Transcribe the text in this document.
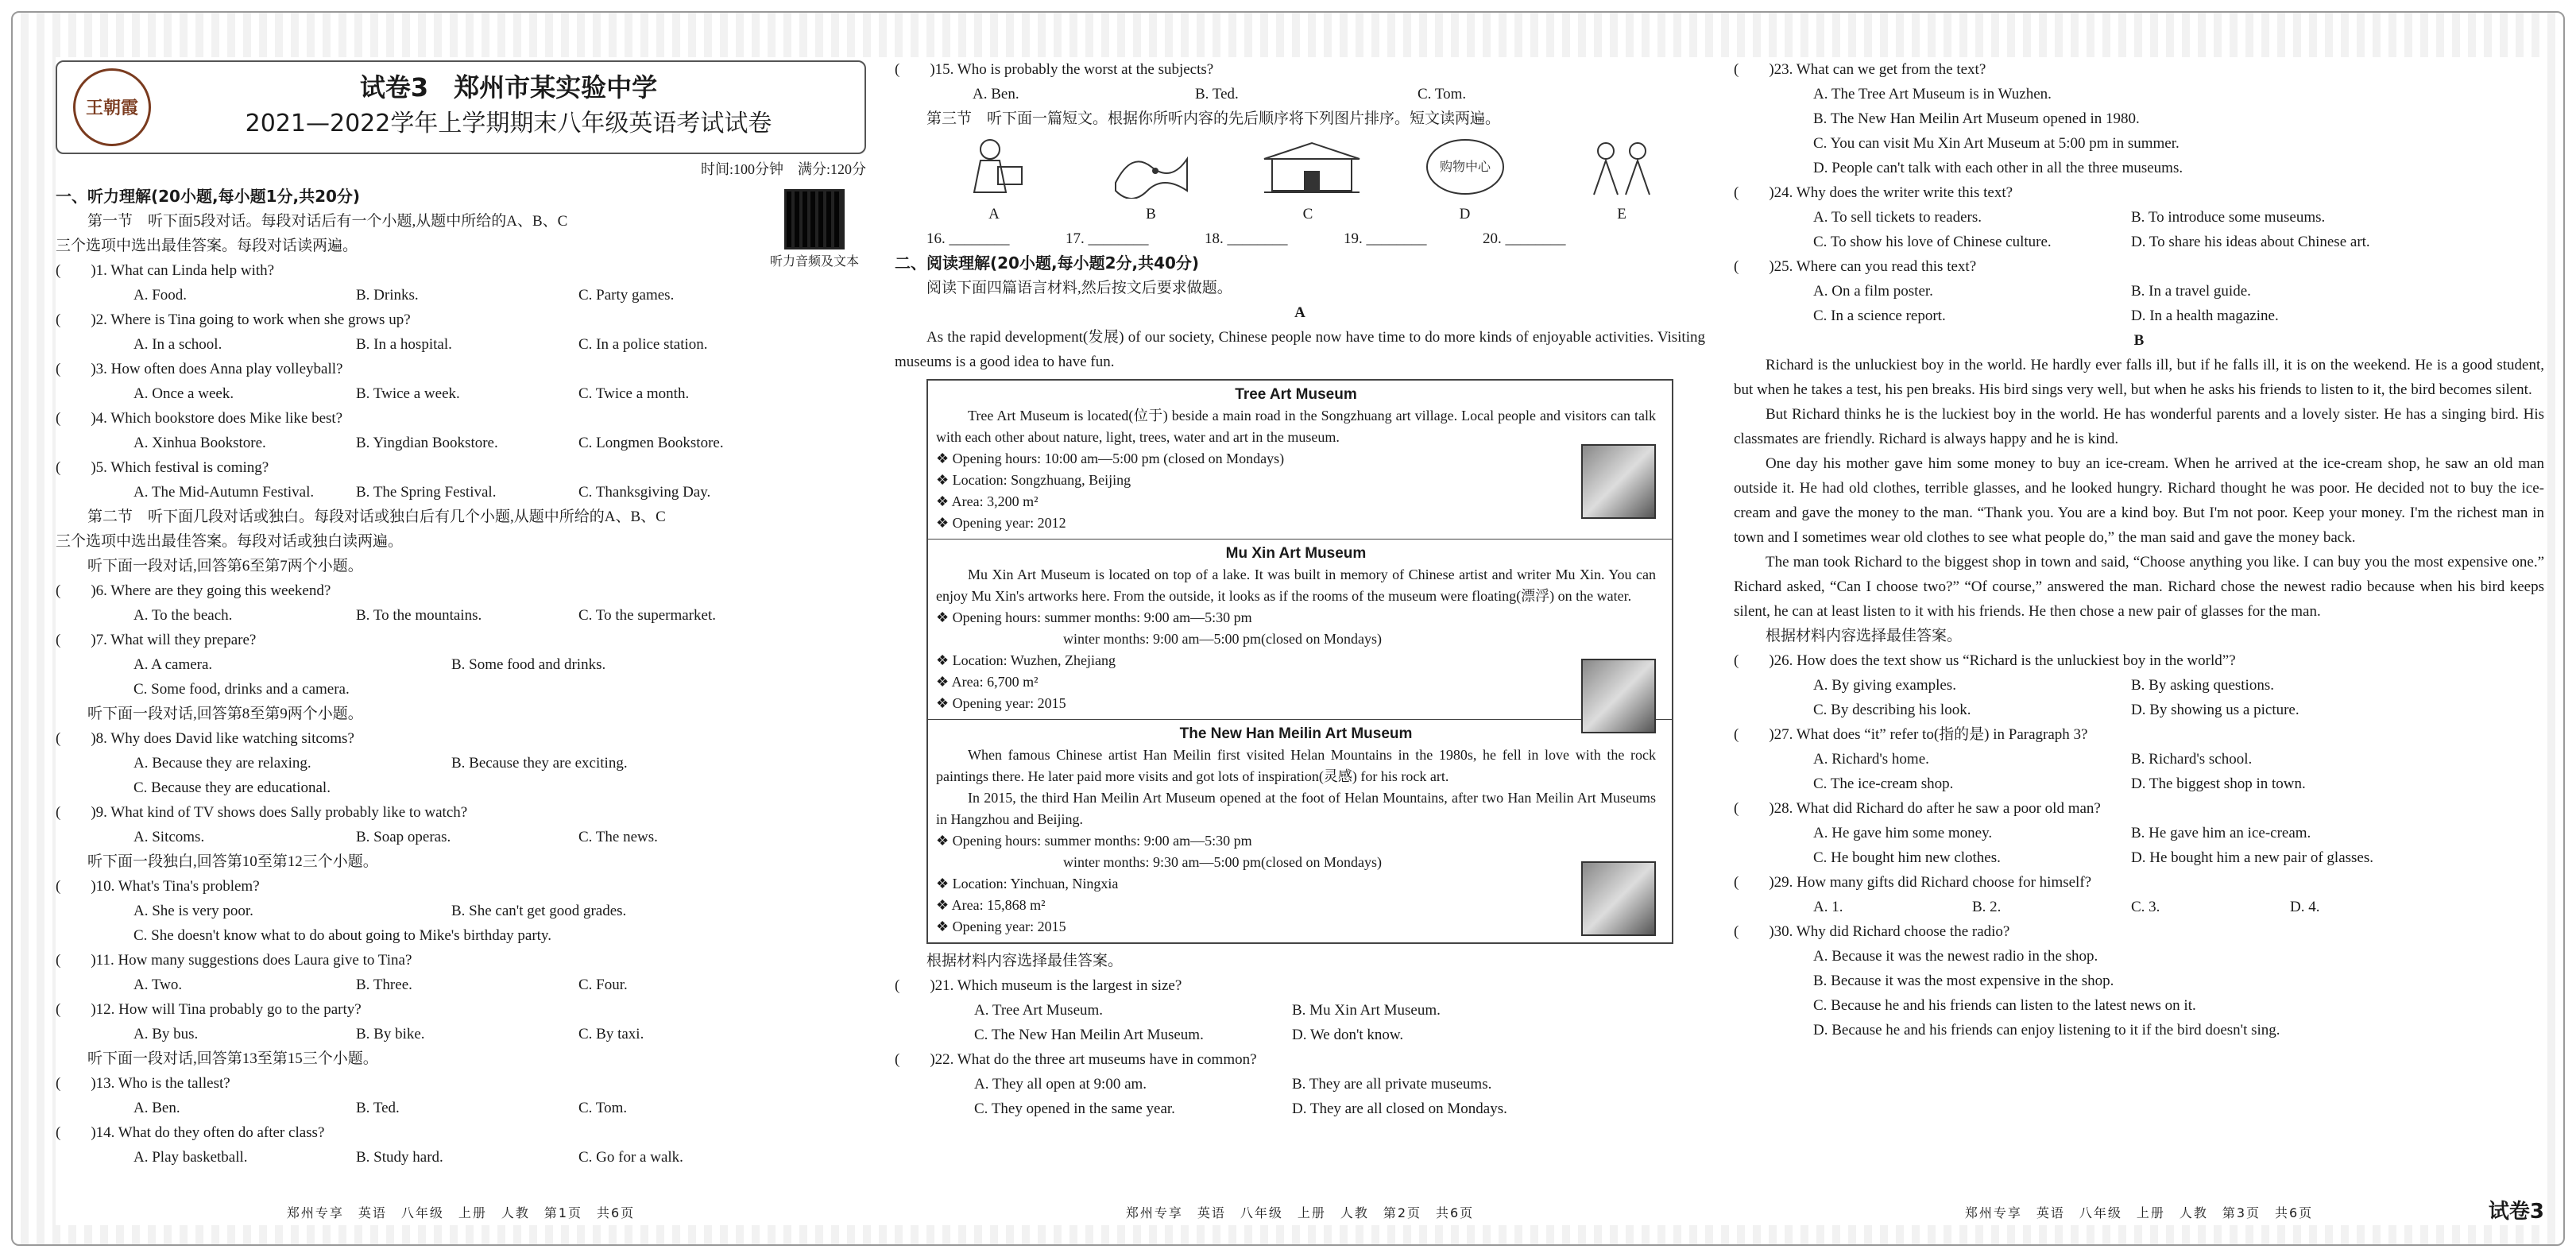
王朝霞
试卷3　郑州市某实验中学
2021—2022学年上学期期末八年级英语考试试卷
时间:100分钟　满分:120分
听力音频及文本
一、听力理解(20小题,每小题1分,共20分)
第一节　听下面5段对话。每段对话后有一个小题,从题中所给的A、B、C
三个选项中选出最佳答案。每段对话读两遍。
(　　)1. What can Linda help with?
A. Food.	B. Drinks.	C. Party games.
(　　)2. Where is Tina going to work when she grows up?
A. In a school.	B. In a hospital.	C. In a police station.
(　　)3. How often does Anna play volleyball?
A. Once a week.	B. Twice a week.	C. Twice a month.
(　　)4. Which bookstore does Mike like best?
A. Xinhua Bookstore.	B. Yingdian Bookstore.	C. Longmen Bookstore.
(　　)5. Which festival is coming?
A. The Mid-Autumn Festival.	B. The Spring Festival.	C. Thanksgiving Day.
第二节　听下面几段对话或独白。每段对话或独白后有几个小题,从题中所给的A、B、C
三个选项中选出最佳答案。每段对话或独白读两遍。
听下面一段对话,回答第6至第7两个小题。
(　　)6. Where are they going this weekend?
A. To the beach.	B. To the mountains.	C. To the supermarket.
(　　)7. What will they prepare?
A. A camera.	B. Some food and drinks.
C. Some food, drinks and a camera.
听下面一段对话,回答第8至第9两个小题。
(　　)8. Why does David like watching sitcoms?
A. Because they are relaxing.	B. Because they are exciting.
C. Because they are educational.
(　　)9. What kind of TV shows does Sally probably like to watch?
A. Sitcoms.	B. Soap operas.	C. The news.
听下面一段独白,回答第10至第12三个小题。
(　　)10. What's Tina's problem?
A. She is very poor.	B. She can't get good grades.
C. She doesn't know what to do about going to Mike's birthday party.
(　　)11. How many suggestions does Laura give to Tina?
A. Two.	B. Three.	C. Four.
(　　)12. How will Tina probably go to the party?
A. By bus.	B. By bike.	C. By taxi.
听下面一段对话,回答第13至第15三个小题。
(　　)13. Who is the tallest?
A. Ben.	B. Ted.	C. Tom.
(　　)14. What do they often do after class?
A. Play basketball.	B. Study hard.	C. Go for a walk.
(　　)15. Who is probably the worst at the subjects?
A. Ben.	B. Ted.	C. Tom.
第三节　听下面一篇短文。根据你所听内容的先后顺序将下列图片排序。短文读两遍。
A	B	C
购物中心
D	E
16. ________	17. ________	18. ________	19. ________	20. ________
二、阅读理解(20小题,每小题2分,共40分)
阅读下面四篇语言材料,然后按文后要求做题。
A

As the rapid development(发展) of our society, Chinese people now have time to do more kinds of enjoyable activities. Visiting museums is a good idea to have fun.

Tree Art Museum

Tree Art Museum is located(位于) beside a main road in the Songzhuang art village. Local people and visitors can talk with each other about nature, light, trees, water and art in the museum.

❖ Opening hours: 10:00 am—5:00 pm (closed on Mondays)
❖ Location: Songzhuang, Beijing
❖ Area: 3,200 m²
❖ Opening year: 2012
Mu Xin Art Museum

Mu Xin Art Museum is located on top of a lake. It was built in memory of Chinese artist and writer Mu Xin. You can enjoy Mu Xin's artworks here. From the outside, it looks as if the rooms of the museum were floating(漂浮) on the water.

❖ Opening hours: summer months: 9:00 am—5:30 pm
winter months: 9:00 am—5:00 pm(closed on Mondays)
❖ Location: Wuzhen, Zhejiang
❖ Area: 6,700 m²
❖ Opening year: 2015
The New Han Meilin Art Museum

When famous Chinese artist Han Meilin first visited Helan Mountains in the 1980s, he fell in love with the rock paintings there. He later paid more visits and got lots of inspiration(灵感) for his rock art.

In 2015, the third Han Meilin Art Museum opened at the foot of Helan Mountains, after two Han Meilin Art Museums in Hangzhou and Beijing.

❖ Opening hours: summer months: 9:00 am—5:30 pm
winter months: 9:30 am—5:00 pm(closed on Mondays)
❖ Location: Yinchuan, Ningxia
❖ Area: 15,868 m²
❖ Opening year: 2015
根据材料内容选择最佳答案。
(　　)21. Which museum is the largest in size?
A. Tree Art Museum.	B. Mu Xin Art Museum.
C. The New Han Meilin Art Museum.	D. We don't know.
(　　)22. What do the three art museums have in common?
A. They all open at 9:00 am.	B. They are all private museums.
C. They opened in the same year.	D. They are all closed on Mondays.
郑州专享　英语　八年级　上册　人教　第2页　共6页
(　　)23. What can we get from the text?
A. The Tree Art Museum is in Wuzhen.
B. The New Han Meilin Art Museum opened in 1980.
C. You can visit Mu Xin Art Museum at 5:00 pm in summer.
D. People can't talk with each other in all the three museums.
(　　)24. Why does the writer write this text?
A. To sell tickets to readers.	B. To introduce some museums.
C. To show his love of Chinese culture.	D. To share his ideas about Chinese art.
(　　)25. Where can you read this text?
A. On a film poster.	B. In a travel guide.
C. In a science report.	D. In a health magazine.
B

Richard is the unluckiest boy in the world. He hardly ever falls ill, but if he falls ill, it is on the weekend. He is a good student, but when he takes a test, his pen breaks. His bird sings very well, but when he asks his friends to listen to it, the bird becomes silent.

But Richard thinks he is the luckiest boy in the world. He has wonderful parents and a lovely sister. He has a singing bird. His classmates are friendly. Richard is always happy and he is kind.

One day his mother gave him some money to buy an ice-cream. When he arrived at the ice-cream shop, he saw an old man outside it. He had old clothes, terrible glasses, and he looked hungry. Richard thought he was poor. He decided not to buy the ice-cream and gave the money to the man. “Thank you. You are a kind boy. But I'm not poor. Keep your money. I'm the richest man in town and I sometimes wear old clothes to see what people do,” the man said and gave the money back.

The man took Richard to the biggest shop in town and said, “Choose anything you like. I can buy you the most expensive one.” Richard asked, “Can I choose two?” “Of course,” answered the man. Richard chose the newest radio because when his bird keeps silent, he can at least listen to it with his friends. He then chose a new pair of glasses for the man.

根据材料内容选择最佳答案。
(　　)26. How does the text show us “Richard is the unluckiest boy in the world”?
A. By giving examples.	B. By asking questions.
C. By describing his look.	D. By showing us a picture.
(　　)27. What does “it” refer to(指的是) in Paragraph 3?
A. Richard's home.	B. Richard's school.
C. The ice-cream shop.	D. The biggest shop in town.
(　　)28. What did Richard do after he saw a poor old man?
A. He gave him some money.	B. He gave him an ice-cream.
C. He bought him new clothes.	D. He bought him a new pair of glasses.
(　　)29. How many gifts did Richard choose for himself?
A. 1.	B. 2.	C. 3.	D. 4.
(　　)30. Why did Richard choose the radio?
A. Because it was the newest radio in the shop.
B. Because it was the most expensive in the shop.
C. Because he and his friends can listen to the latest news on it.
D. Because he and his friends can enjoy listening to it if the bird doesn't sing.
郑州专享　英语　八年级　上册　人教　第3页　共6页	试卷3
郑州专享　英语　八年级　上册　人教　第1页　共6页
